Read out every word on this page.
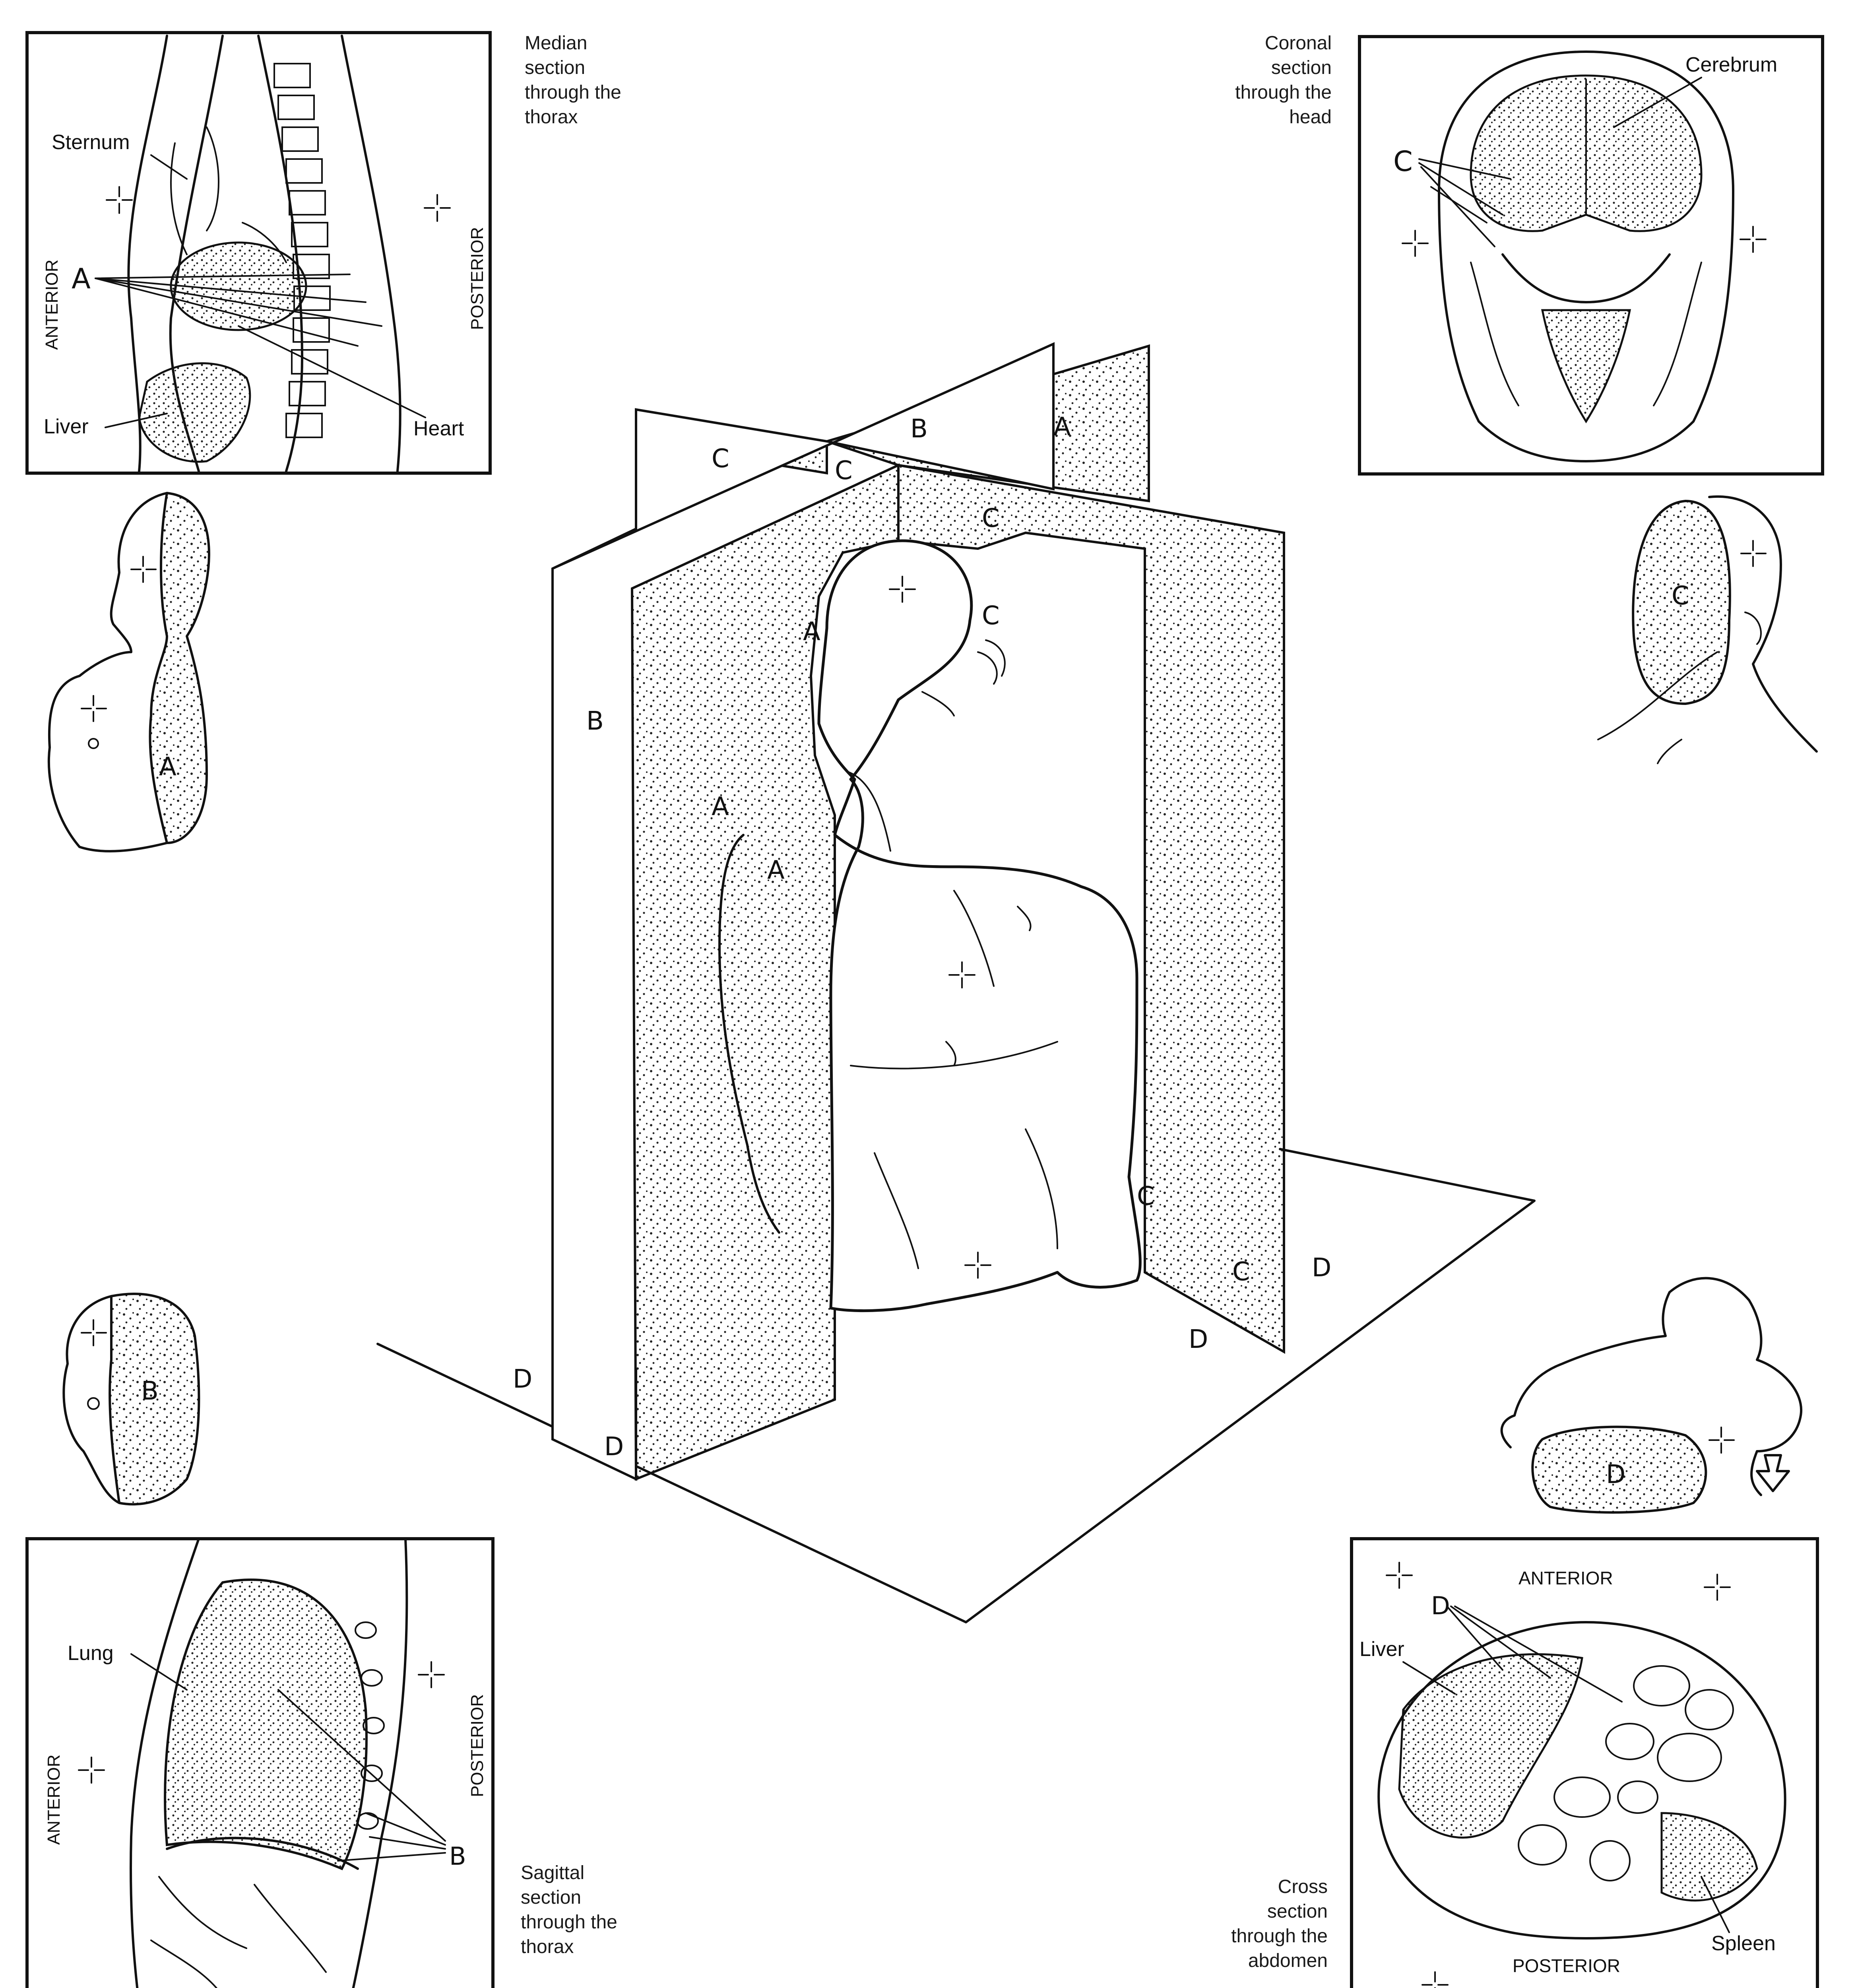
ANTERIOR	POSTERIOR
Sternum
Liver	Heart
A
Cerebrum
C
ANTERIOR
POSTERIOR
Lung
B
ANTERIOR
POSTERIOR
Liver
Spleen
D
A
B
C
D
B	A
C	C
C
B
A
C
A
A
C
C D
D
D
D
Median
section
through the
thorax
Coronal
section
through the
head
Sagittal
section
through the
thorax
Cross
section
through the
abdomen
